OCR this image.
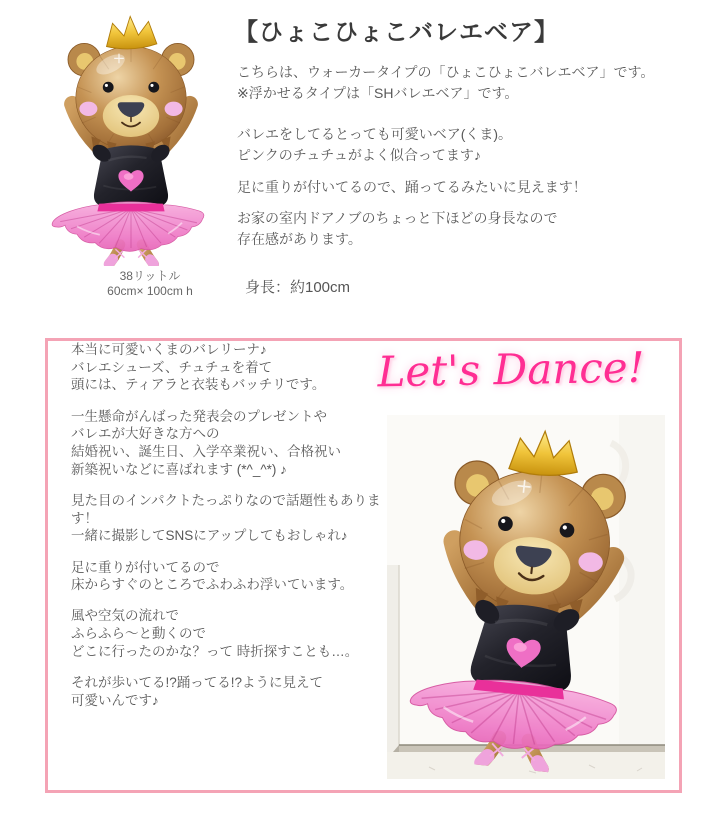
38リットル
60cm× 100cm h
【ひょこひょこバレエベア】

こちらは、ウォーカータイプの「ひょこひょこバレエベア」です。
※浮かせるタイプは「SHバレエベア」です。

バレエをしてるとっても可愛いベア(くま)。
ピンクのチュチュがよく似合ってます♪

足に重りが付いてるので、踊ってるみたいに見えます！

お家の室内ドアノブのちょっと下ほどの身長なので
存在感があります。

身長：約100cm
Let's Dance!

本当に可愛いくまのバレリーナ♪
バレエシューズ、チュチュを着て
頭には、ティアラと衣装もバッチリです。

一生懸命がんばった発表会のプレゼントや
バレエが大好きな方への
結婚祝い、誕生日、入学卒業祝い、合格祝い
新築祝いなどに喜ばれます (*^_^*) ♪

見た目のインパクトたっぷりなので話題性もあります！
一緒に撮影してSNSにアップしてもおしゃれ♪

足に重りが付いてるので
床からすぐのところでふわふわ浮いています。

風や空気の流れで
ふらふら〜と動くので
どこに行ったのかな？って 時折探すことも…。

それが歩いてる!?踊ってる!?ように見えて
可愛いんです♪
